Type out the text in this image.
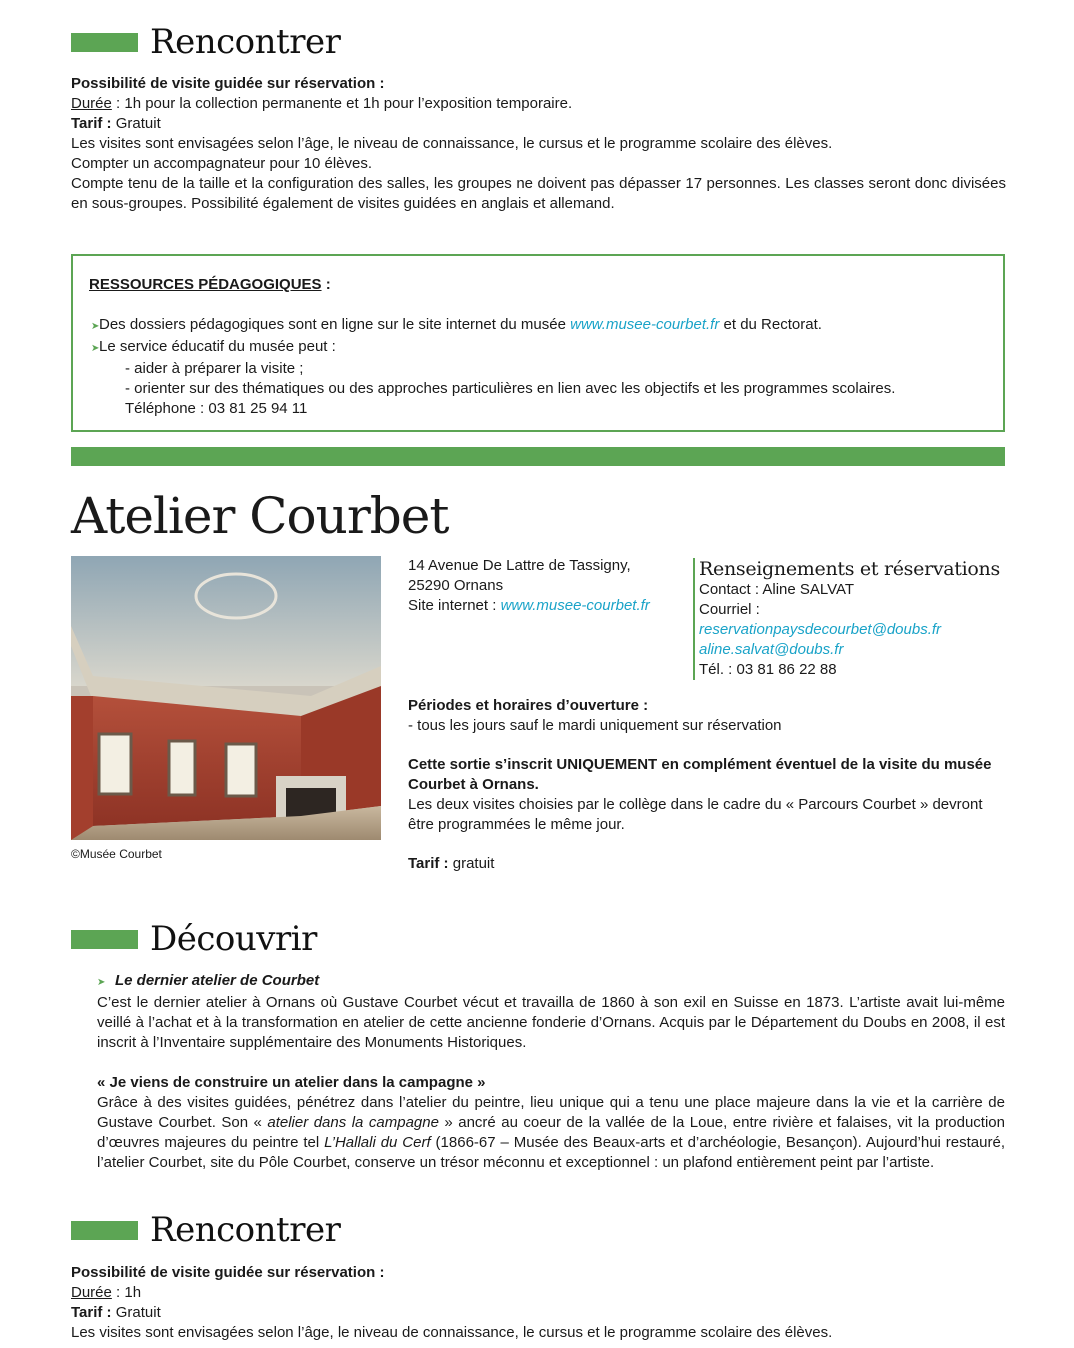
Rencontrer

Possibilité de visite guidée sur réservation :

Durée : 1h pour la collection permanente et 1h pour l’exposition temporaire.

Tarif : Gratuit

Les visites sont envisagées selon l’âge, le niveau de connaissance, le cursus et le programme scolaire des élèves.

Compter un accompagnateur pour 10 élèves.

Compte tenu de la taille et la configuration des salles, les groupes ne doivent pas dépasser 17 personnes. Les classes seront donc divisées en sous-groupes. Possibilité également de visites guidées en anglais et allemand.

RESSOURCES PÉDAGOGIQUES :
➤ Des dossiers pédagogiques sont en ligne sur le site internet du musée www.musee-courbet.fr et du Rectorat.
➤ Le service éducatif du musée peut :
- aider à préparer la visite ;
- orienter sur des thématiques ou des approches particulières en lien avec les objectifs et les programmes scolaires.
Téléphone : 03 81 25 94 11
Atelier Courbet
©Musée Courbet
14 Avenue De Lattre de Tassigny,
25290 Ornans
Site internet : www.musee-courbet.fr
Renseignements et réservations
Contact : Aline SALVAT
Courriel :
reservationpaysdecourbet@doubs.fr
aline.salvat@doubs.fr
Tél. : 03 81 86 22 88
Périodes et horaires d’ouverture :
- tous les jours sauf le mardi uniquement sur réservation
Cette sortie s’inscrit UNIQUEMENT en complément éventuel de la visite du musée Courbet à Ornans.
Les deux visites choisies par le collège dans le cadre du « Parcours Courbet » devront être programmées le même jour.
Tarif : gratuit
Découvrir
➤ Le dernier atelier de Courbet

C’est le dernier atelier à Ornans où Gustave Courbet vécut et travailla de 1860 à son exil en Suisse en 1873. L’artiste avait lui-même veillé à l’achat et à la transformation en atelier de cette ancienne fonderie d’Ornans. Acquis par le Département du Doubs en 2008, il est inscrit à l’Inventaire supplémentaire des Monuments Historiques.

« Je viens de construire un atelier dans la campagne »

Grâce à des visites guidées, pénétrez dans l’atelier du peintre, lieu unique qui a tenu une place majeure dans la vie et la carrière de Gustave Courbet. Son « atelier dans la campagne » ancré au coeur de la vallée de la Loue, entre rivière et falaises, vit la production d’œuvres majeures du peintre tel L’Hallali du Cerf (1866-67 – Musée des Beaux-arts et d’archéologie, Besançon). Aujourd’hui restauré, l’atelier Courbet, site du Pôle Courbet, conserve un trésor méconnu et exceptionnel : un plafond entièrement peint par l’artiste.

Rencontrer

Possibilité de visite guidée sur réservation :

Durée : 1h

Tarif : Gratuit

Les visites sont envisagées selon l’âge, le niveau de connaissance, le cursus et le programme scolaire des élèves.
